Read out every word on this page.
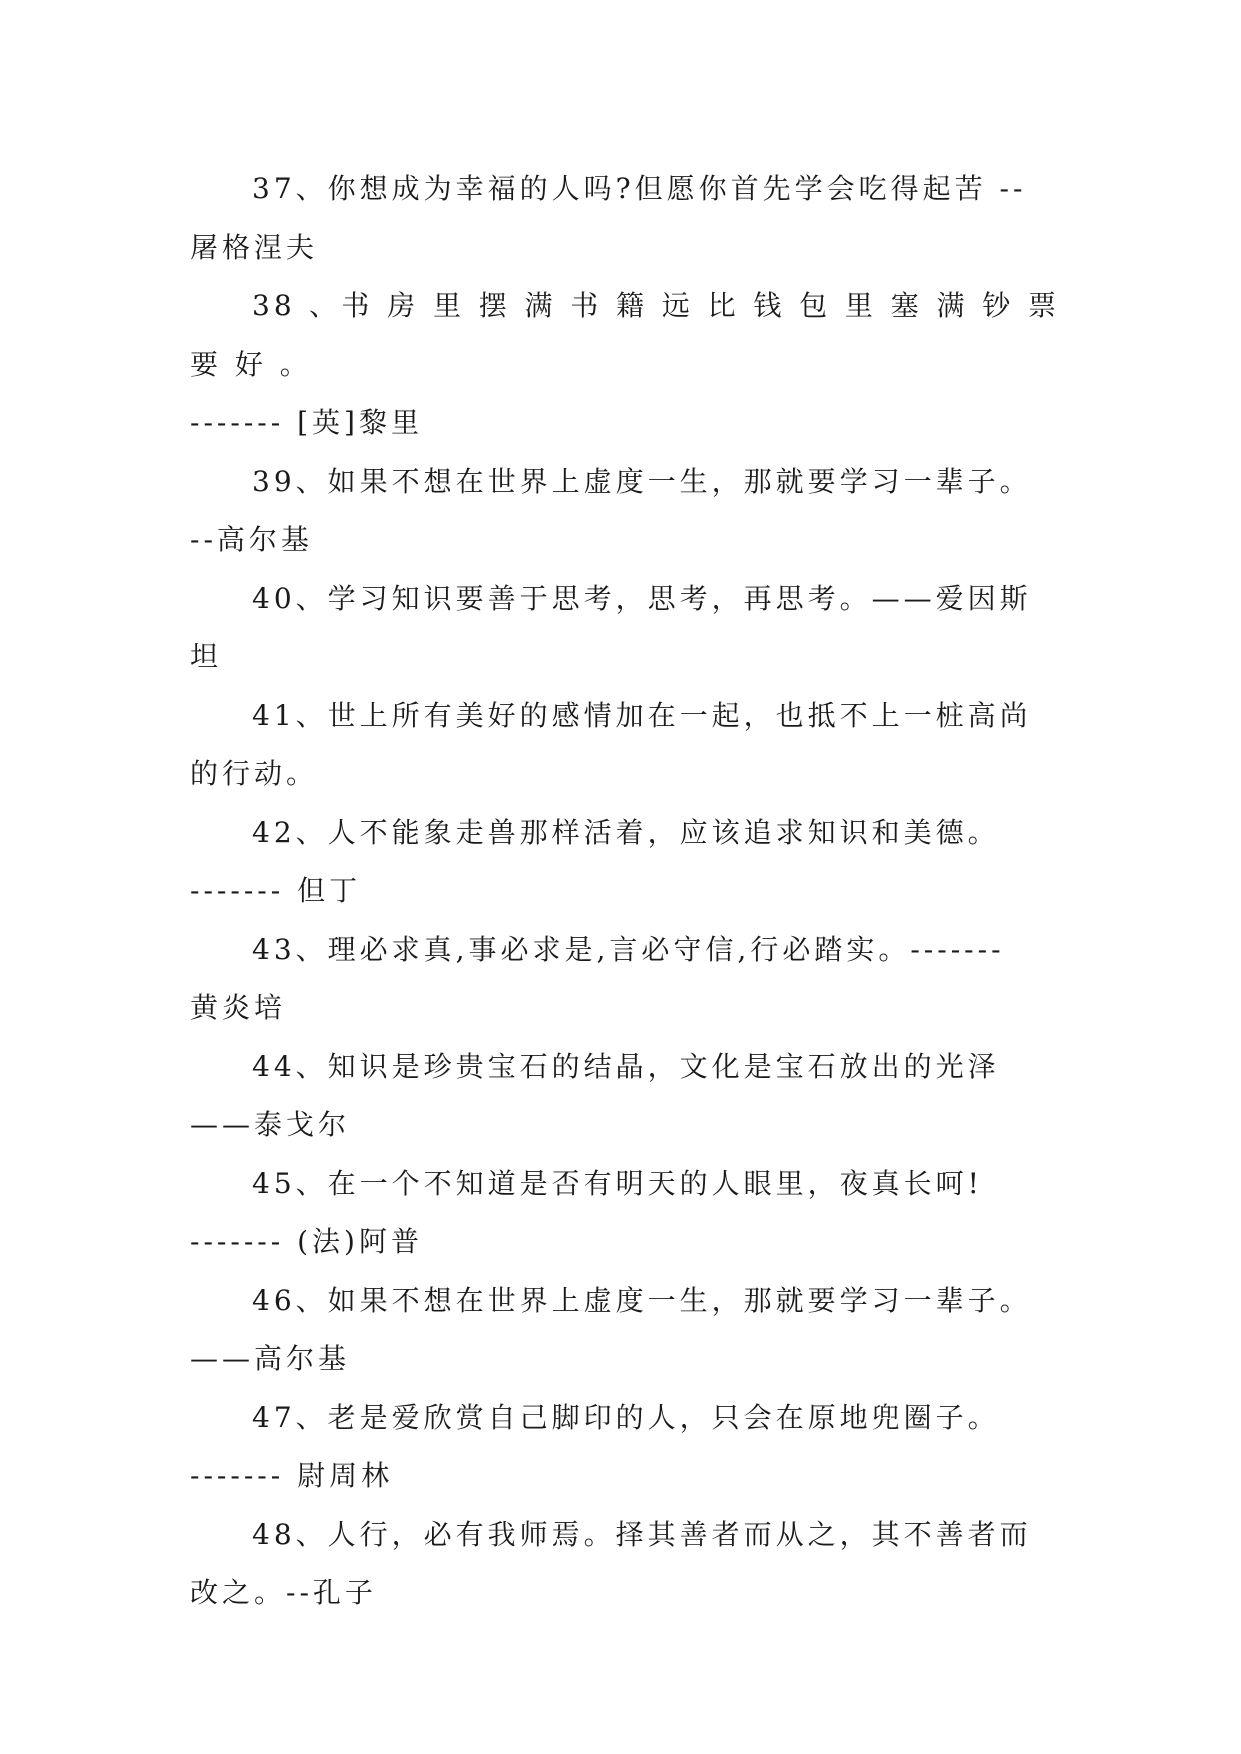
37、你想成为幸福的人吗?但愿你首先学会吃得起苦 --
屠格涅夫

38 、书 房 里 摆 满 书 籍 远 比 钱 包 里 塞 满 钞 票 要 好 。
------- [英]黎里

39、如果不想在世界上虚度一生，那就要学习一辈子。
--高尔基

40、学习知识要善于思考，思考，再思考。——爱因斯
坦

41、世上所有美好的感情加在一起，也抵不上一桩高尚
的行动。

42、人不能象走兽那样活着，应该追求知识和美德。
------- 但丁

43、理必求真,事必求是,言必守信,行必踏实。-------
黄炎培

44、知识是珍贵宝石的结晶，文化是宝石放出的光泽
——泰戈尔

45、在一个不知道是否有明天的人眼里，夜真长呵!
------- (法)阿普

46、如果不想在世界上虚度一生，那就要学习一辈子。
——高尔基

47、老是爱欣赏自己脚印的人，只会在原地兜圈子。
------- 尉周林

48、人行，必有我师焉。择其善者而从之，其不善者而
改之。--孔子
